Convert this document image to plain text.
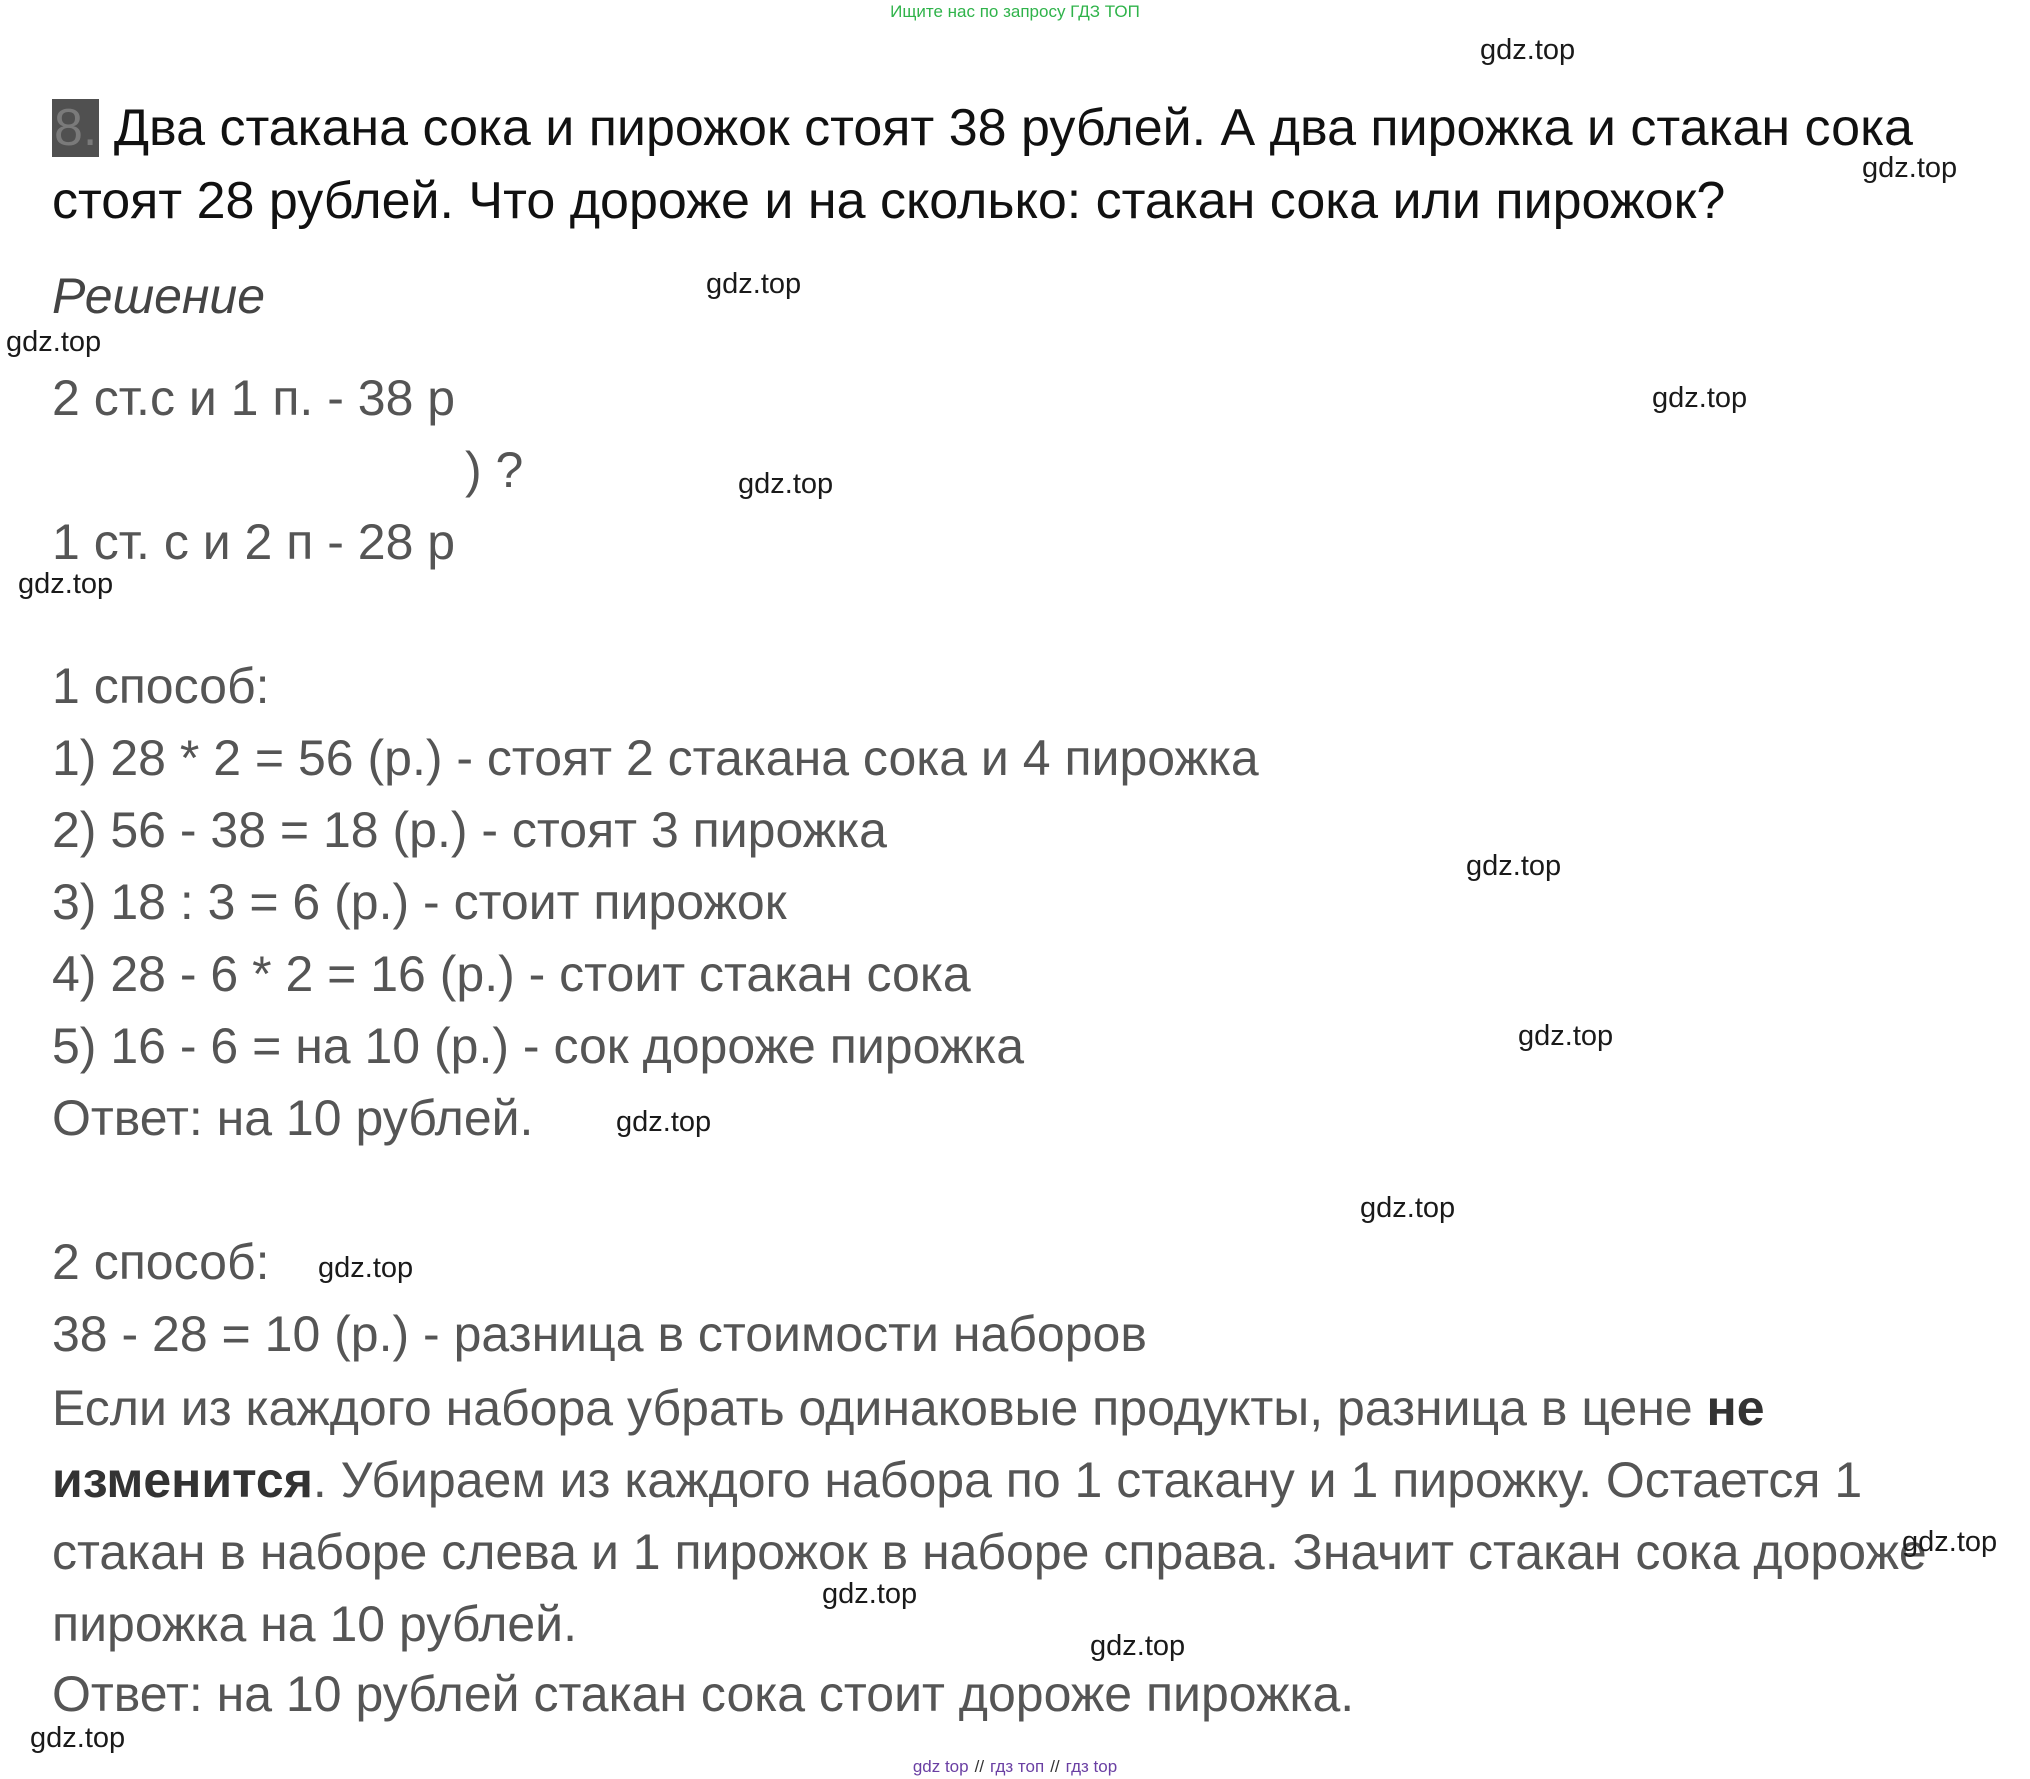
Ищите нас по запросу ГДЗ ТОП
8. Два стакана сока и пирожок стоят 38 рублей. А два пирожка и стакан сока стоят 28 рублей. Что дороже и на сколько: стакан сока или пирожок?
Решение
2 ст.с и 1 п. - 38 р
) ?
1 ст. с и 2 п - 28 р
1 способ:
1) 28 * 2 = 56 (р.) - стоят 2 стакана сока и 4 пирожка
2) 56 - 38 = 18 (р.) - стоят 3 пирожка
3) 18 : 3 = 6 (р.) - стоит пирожок
4) 28 - 6 * 2 = 16 (р.) - стоит стакан сока
5) 16 - 6 = на 10 (р.) - сок дороже пирожка
Ответ: на 10 рублей.
2 способ:
38 - 28 = 10 (р.) - разница в стоимости наборов
Если из каждого набора убрать одинаковые продукты, разница в цене не изменится. Убираем из каждого набора по 1 стакану и 1 пирожку. Остается 1 стакан в наборе слева и 1 пирожок в наборе справа. Значит стакан сока дороже пирожка на 10 рублей.
Ответ: на 10 рублей стакан сока стоит дороже пирожка.
gdz.top
gdz.top
gdz.top
gdz.top
gdz.top
gdz.top
gdz.top
gdz.top
gdz.top
gdz.top
gdz.top
gdz.top
gdz.top
gdz.top
gdz.top
gdz.top
gdz top // гдз топ // гдз top
